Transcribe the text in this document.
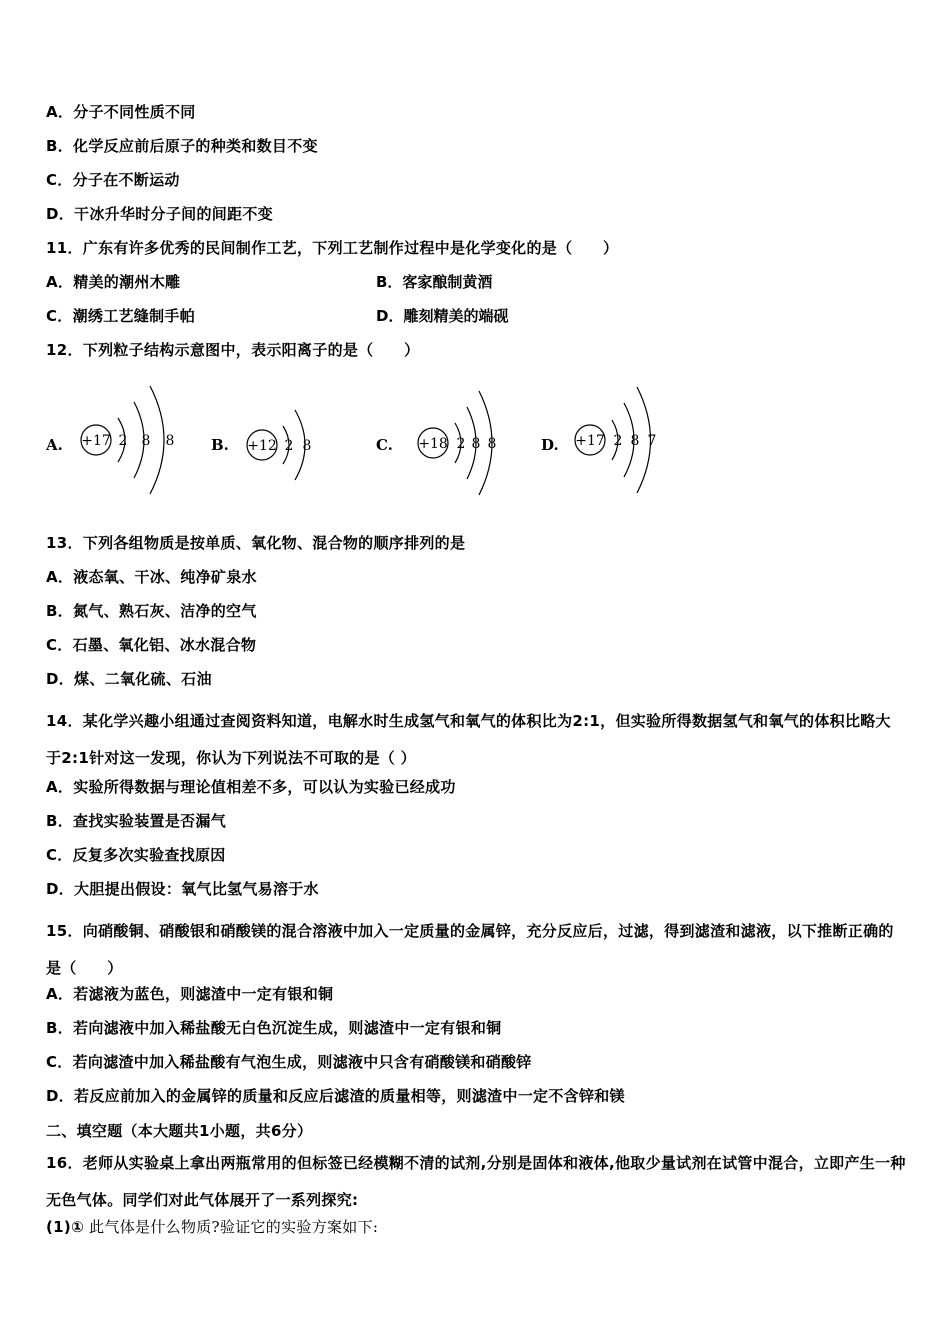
A．分子不同性质不同
B．化学反应前后原子的种类和数目不变
C．分子在不断运动
D．干冰升华时分子间的间距不变
11．广东有许多优秀的民间制作工艺，下列工艺制作过程中是化学变化的是（　　）
A．精美的潮州木雕	B．客家酿制黄酒
C．潮绣工艺缝制手帕	D．雕刻精美的端砚
12．下列粒子结构示意图中，表示阳离子的是（　　）
A. +17 2 8 8 B. +12 2 8	C. +18 2 8 8	D. +17 2 8 7
13．下列各组物质是按单质、氧化物、混合物的顺序排列的是
A．液态氧、干冰、纯净矿泉水
B．氮气、熟石灰、洁净的空气
C．石墨、氧化铝、冰水混合物
D．煤、二氧化硫、石油
14．某化学兴趣小组通过查阅资料知道，电解水时生成氢气和氧气的体积比为2:1，但实验所得数据氢气和氧气的体积比略大于2:1针对这一发现，你认为下列说法不可取的是（ ）
A．实验所得数据与理论值相差不多，可以认为实验已经成功
B．查找实验装置是否漏气
C．反复多次实验查找原因
D．大胆提出假设：氧气比氢气易溶于水
15．向硝酸铜、硝酸银和硝酸镁的混合溶液中加入一定质量的金属锌，充分反应后，过滤，得到滤渣和滤液，以下推断正确的是（　　）
A．若滤液为蓝色，则滤渣中一定有银和铜
B．若向滤液中加入稀盐酸无白色沉淀生成，则滤渣中一定有银和铜
C．若向滤渣中加入稀盐酸有气泡生成，则滤液中只含有硝酸镁和硝酸锌
D．若反应前加入的金属锌的质量和反应后滤渣的质量相等，则滤渣中一定不含锌和镁
二、填空题（本大题共1小题，共6分）
16．老师从实验桌上拿出两瓶常用的但标签已经模糊不清的试剂,分别是固体和液体,他取少量试剂在试管中混合，立即产生一种无色气体。同学们对此气体展开了一系列探究:
(1)① 此气体是什么物质?验证它的实验方案如下:
